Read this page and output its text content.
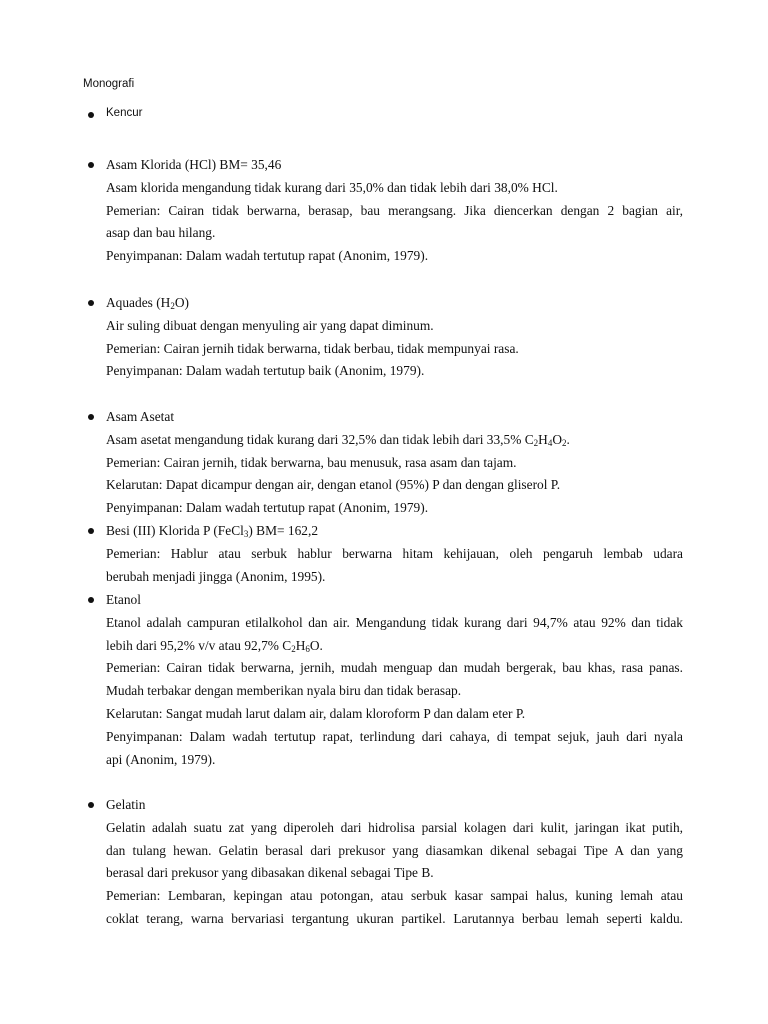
Monografi
Kencur
Asam Klorida (HCl) BM= 35,46
Asam klorida mengandung tidak kurang dari 35,0% dan tidak lebih dari 38,0% HCl.
Pemerian: Cairan tidak berwarna, berasap, bau merangsang. Jika diencerkan dengan 2 bagian air,
asap dan bau hilang.
Penyimpanan: Dalam wadah tertutup rapat (Anonim, 1979).
Aquades $(H_2O)$
Air suling dibuat dengan menyuling air yang dapat diminum.
Pemerian: Cairan jernih tidak berwarna, tidak berbau, tidak mempunyai rasa.
Penyimpanan: Dalam wadah tertutup baik (Anonim, 1979).
Asam Asetat
Asam asetat mengandung tidak kurang dari 32,5% dan tidak lebih dari 33,5% $C_2H_4O_2$.
Pemerian: Cairan jernih, tidak berwarna, bau menusuk, rasa asam dan tajam.
Kelarutan: Dapat dicampur dengan air, dengan etanol (95%) P dan dengan gliserol P.
Penyimpanan: Dalam wadah tertutup rapat (Anonim, 1979).
Besi (III) Klorida P (FeCl$_3$) BM= 162,2
Pemerian: Hablur atau serbuk hablur berwarna hitam kehijauan, oleh pengaruh lembab udara
berubah menjadi jingga (Anonim, 1995).
Etanol
Etanol adalah campuran etilalkohol dan air. Mengandung tidak kurang dari 94,7% atau 92% dan tidak
lebih dari 95,2% v/v atau 92,7% $C_2H_6O$.
Pemerian: Cairan tidak berwarna, jernih, mudah menguap dan mudah bergerak, bau khas, rasa panas.
Mudah terbakar dengan memberikan nyala biru dan tidak berasap.
Kelarutan: Sangat mudah larut dalam air, dalam kloroform P dan dalam eter P.
Penyimpanan: Dalam wadah tertutup rapat, terlindung dari cahaya, di tempat sejuk, jauh dari nyala
api (Anonim, 1979).
Gelatin
Gelatin adalah suatu zat yang diperoleh dari hidrolisa parsial kolagen dari kulit, jaringan ikat putih,
dan tulang hewan. Gelatin berasal dari prekusor yang diasamkan dikenal sebagai Tipe A dan yang
berasal dari prekusor yang dibasakan dikenal sebagai Tipe B.
Pemerian: Lembaran, kepingan atau potongan, atau serbuk kasar sampai halus, kuning lemah atau
coklat terang, warna bervariasi tergantung ukuran partikel. Larutannya berbau lemah seperti kaldu.
